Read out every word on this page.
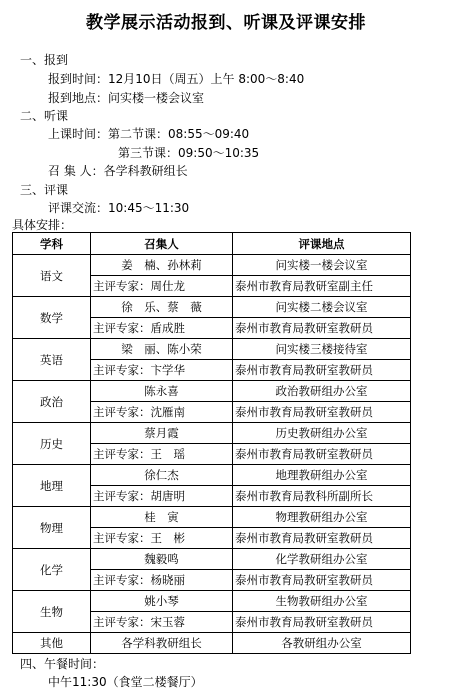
教学展示活动报到、听课及评课安排
一、报到
报到时间：12月10日（周五）上午 8:00～8:40
报到地点：问实楼一楼会议室
二、听课
上课时间：第二节课：08:55～09:40
第三节课：09:50～10:35
召 集 人：各学科教研组长
三、评课
评课交流：10:45～11:30
具体安排：
学科	召集人	评课地点
语文	姜　楠、孙林莉	问实楼一楼会议室
	主评专家：周仕龙	泰州市教育局教研室副主任
数学	徐　乐、蔡　薇	问实楼二楼会议室
	主评专家：盾成胜	泰州市教育局教研室教研员
英语	梁　丽、陈小荣	问实楼三楼接待室
	主评专家：卞学华	泰州市教育局教研室教研员
政治	陈永喜	政治教研组办公室
	主评专家：沈雁南	泰州市教育局教研室教研员
历史	蔡月霞	历史教研组办公室
	主评专家：王　瑶	泰州市教育局教研室教研员
地理	徐仁杰	地理教研组办公室
	主评专家：胡唐明	泰州市教育局教科所副所长
物理	桂　寅	物理教研组办公室
	主评专家：王　彬	泰州市教育局教研室教研员
化学	魏毅鸣	化学教研组办公室
	主评专家：杨晓丽	泰州市教育局教研室教研员
生物	姚小琴	生物教研组办公室
	主评专家：宋玉蓉	泰州市教育局教研室教研员
其他	各学科教研组长	各教研组办公室
四、午餐时间：
中午11:30（食堂二楼餐厅）
